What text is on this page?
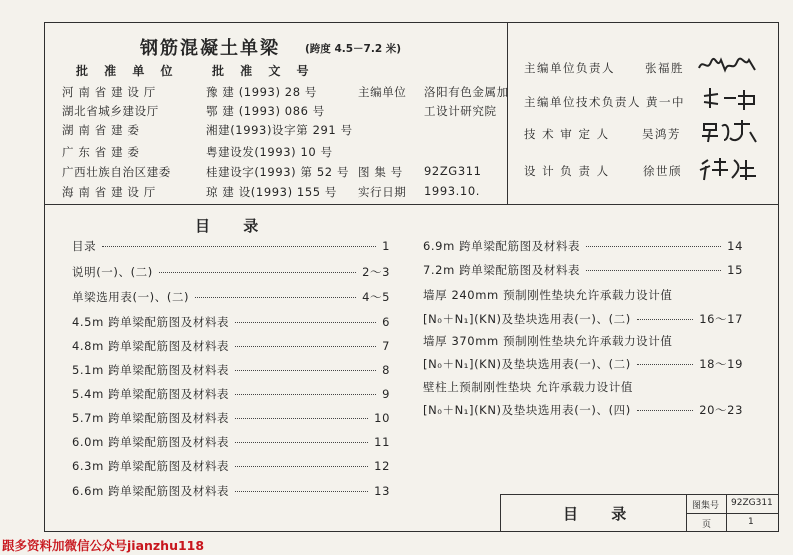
钢筋混凝土单梁 (跨度 4.5－7.2 米)
批 准 单 位	批 准 文 号
河 南 省 建 设 厅	豫 建 (1993) 28 号
湖北省城乡建设厅	鄂 建 (1993) 086 号
湖 南 省 建 委	湘建(1993)设字第 291 号
广 东 省 建 委	粤建设发(1993) 10 号
广西壮族自治区建委	桂建设字(1993) 第 52 号
海 南 省 建 设 厅	琼 建 设(1993) 155 号
主编单位 洛阳有色金属加
工设计研究院
图 集 号 92ZG311
实行日期 1993.10.
主编单位负责人	张福胜
主编单位技术负责人 黄一中
技 术 审 定 人	吴鸿芳
设 计 负 责 人	徐世颀
目 录
目录	1
说明(一)、(二)	2～3
单梁选用表(一)、(二)	4～5
4.5m 跨单梁配筋图及材料表	6
4.8m 跨单梁配筋图及材料表	7
5.1m 跨单梁配筋图及材料表	8
5.4m 跨单梁配筋图及材料表	9
5.7m 跨单梁配筋图及材料表	10
6.0m 跨单梁配筋图及材料表	11
6.3m 跨单梁配筋图及材料表	12
6.6m 跨单梁配筋图及材料表	13
6.9m 跨单梁配筋图及材料表	14
7.2m 跨单梁配筋图及材料表	15
墙厚 240mm 预制刚性垫块允许承载力设计值
[N₀＋N₁](KN)及垫块选用表(一)、(二)	16～17
墙厚 370mm 预制刚性垫块允许承载力设计值
[N₀＋N₁](KN)及垫块选用表(一)、(二)	18～19
壁柱上预制刚性垫块 允许承载力设计值
[N₀＋N₁](KN)及垫块选用表(一)、(四)	20～23
目 录	图集号 92ZG311
页	1
跟多资料加微信公众号jianzhu118
